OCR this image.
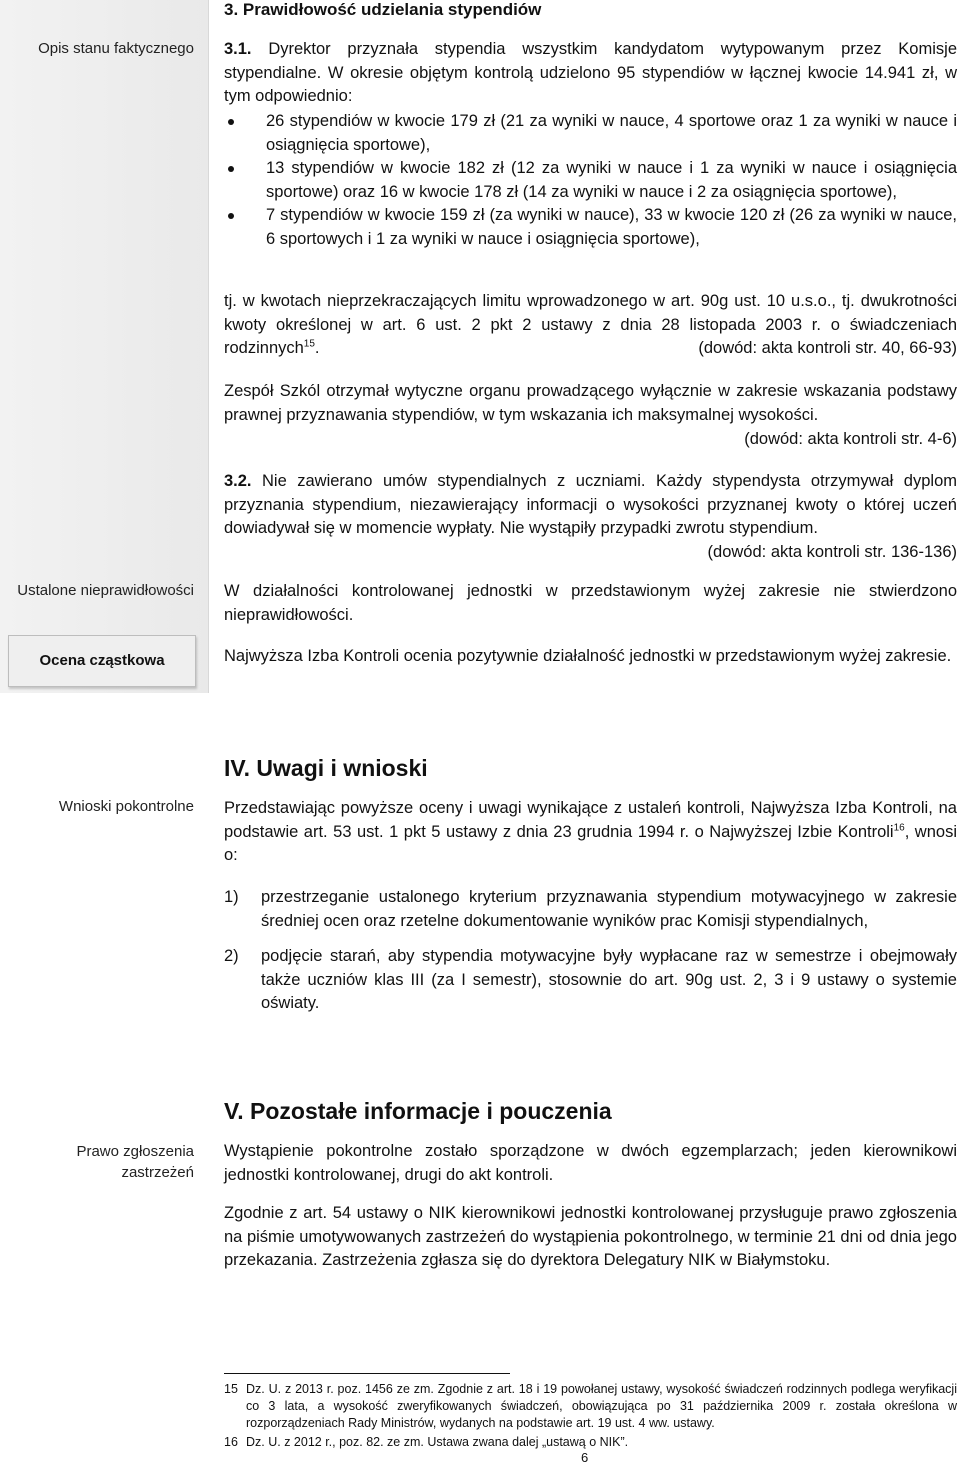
Opis stanu faktycznego
Ustalone nieprawidłowości
Ocena cząstkowa
Wnioski pokontrolne
Prawo zgłoszenia zastrzeżeń
3. Prawidłowość udzielania stypendiów
3.1. Dyrektor przyznała stypendia wszystkim kandydatom wytypowanym przez Komisje stypendialne. W okresie objętym kontrolą udzielono 95 stypendiów w łącznej kwocie 14.941 zł, w tym odpowiednio:
26 stypendiów w kwocie 179 zł (21 za wyniki w nauce, 4 sportowe oraz 1 za wyniki w nauce i osiągnięcia sportowe),
13 stypendiów w kwocie 182 zł (12 za wyniki w nauce i 1 za wyniki w nauce i osiągnięcia sportowe) oraz 16 w kwocie 178 zł (14 za wyniki w nauce i 2 za osiągnięcia sportowe),
7 stypendiów w kwocie 159 zł (za wyniki w nauce), 33 w kwocie 120 zł (26 za wyniki w nauce, 6 sportowych i 1 za wyniki w nauce i osiągnięcia sportowe),
tj. w kwotach nieprzekraczających limitu wprowadzonego w art. 90g ust. 10 u.s.o., tj. dwukrotności kwoty określonej w art. 6 ust. 2 pkt 2 ustawy z dnia 28 listopada 2003 r. o świadczeniach rodzinnych$^{15}$.	(dowód: akta kontroli str. 40, 66-93)
Zespół Szkól otrzymał wytyczne organu prowadzącego wyłącznie w zakresie wskazania podstawy prawnej przyznawania stypendiów, w tym wskazania ich maksymalnej wysokości.
(dowód: akta kontroli str. 4-6)
3.2. Nie zawierano umów stypendialnych z uczniami. Każdy stypendysta otrzymywał dyplom przyznania stypendium, niezawierający informacji o wysokości przyznanej kwoty o której uczeń dowiadywał się w momencie wypłaty. Nie wystąpiły przypadki zwrotu stypendium.
(dowód: akta kontroli str. 136-136)
W działalności kontrolowanej jednostki w przedstawionym wyżej zakresie nie stwierdzono nieprawidłowości.
Najwyższa Izba Kontroli ocenia pozytywnie działalność jednostki w przedstawionym wyżej zakresie.
IV. Uwagi i wnioski
Przedstawiając powyższe oceny i uwagi wynikające z ustaleń kontroli, Najwyższa Izba Kontroli, na podstawie art. 53 ust. 1 pkt 5 ustawy z dnia 23 grudnia 1994 r. o Najwyższej Izbie Kontroli$^{16}$, wnosi o:
1) przestrzeganie ustalonego kryterium przyznawania stypendium motywacyjnego w zakresie średniej ocen oraz rzetelne dokumentowanie wyników prac Komisji stypendialnych,
2) podjęcie starań, aby stypendia motywacyjne były wypłacane raz w semestrze i obejmowały także uczniów klas III (za I semestr), stosownie do art. 90g ust. 2, 3 i 9 ustawy o systemie oświaty.
V. Pozostałe informacje i pouczenia
Wystąpienie pokontrolne zostało sporządzone w dwóch egzemplarzach; jeden kierownikowi jednostki kontrolowanej, drugi do akt kontroli.
Zgodnie z art. 54 ustawy o NIK kierownikowi jednostki kontrolowanej przysługuje prawo zgłoszenia na piśmie umotywowanych zastrzeżeń do wystąpienia pokontrolnego, w terminie 21 dni od dnia jego przekazania. Zastrzeżenia zgłasza się do dyrektora Delegatury NIK w Białymstoku.
15 Dz. U. z 2013 r. poz. 1456 ze zm. Zgodnie z art. 18 i 19 powołanej ustawy, wysokość świadczeń rodzinnych podlega weryfikacji co 3 lata, a wysokość zweryfikowanych świadczeń, obowiązująca po 31 października 2009 r. została określona w rozporządzeniach Rady Ministrów, wydanych na podstawie art. 19 ust. 4 ww. ustawy.
16 Dz. U. z 2012 r., poz. 82. ze zm. Ustawa zwana dalej „ustawą o NIK”.
6
